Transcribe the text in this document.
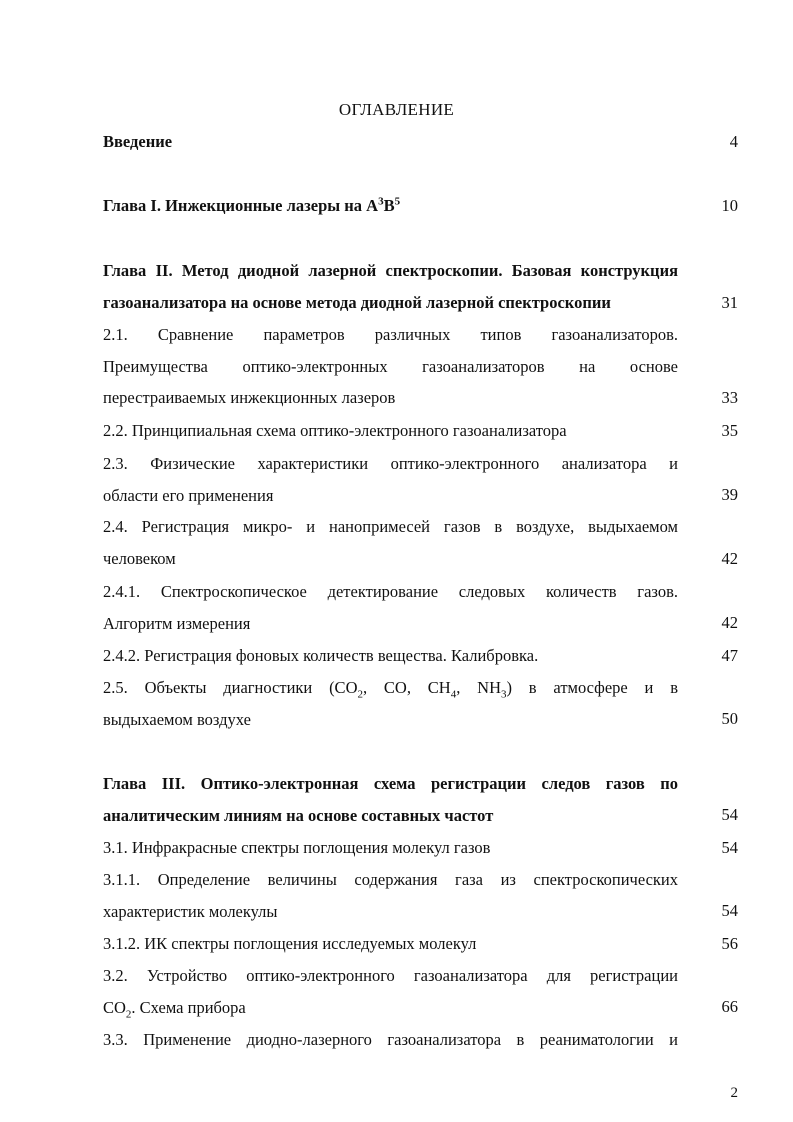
ОГЛАВЛЕНИЕ
Введение	4
Глава I. Инжекционные лазеры на $A^3B^5$	10
Глава II. Метод диодной лазерной спектроскопии. Базовая конструкция
газоанализатора на основе метода диодной лазерной спектроскопии	31
2.1. Сравнение параметров различных типов газоанализаторов.
Преимущества оптико-электронных газоанализаторов на основе
перестраиваемых инжекционных лазеров	33
2.2. Принципиальная схема оптико-электронного газоанализатора	35
2.3. Физические характеристики оптико-электронного анализатора и
области его применения	39
2.4. Регистрация микро- и нанопримесей газов в воздухе, выдыхаемом
человеком	42
2.4.1. Спектроскопическое детектирование следовых количеств газов.
Алгоритм измерения	42
2.4.2. Регистрация фоновых количеств вещества. Калибровка.	47
2.5. Объекты диагностики ($CO_2$, CO, $CH_4$, $NH_3$) в атмосфере и в
выдыхаемом воздухе	50
Глава III. Оптико-электронная схема регистрации следов газов по
аналитическим линиям на основе составных частот	54
3.1. Инфракрасные спектры поглощения молекул газов	54
3.1.1. Определение величины содержания газа из спектроскопических
характеристик молекулы	54
3.1.2. ИК спектры поглощения исследуемых молекул	56
3.2. Устройство оптико-электронного газоанализатора для регистрации
$CO_2$. Схема прибора	66
3.3. Применение диодно-лазерного газоанализатора в реаниматологии и
2
